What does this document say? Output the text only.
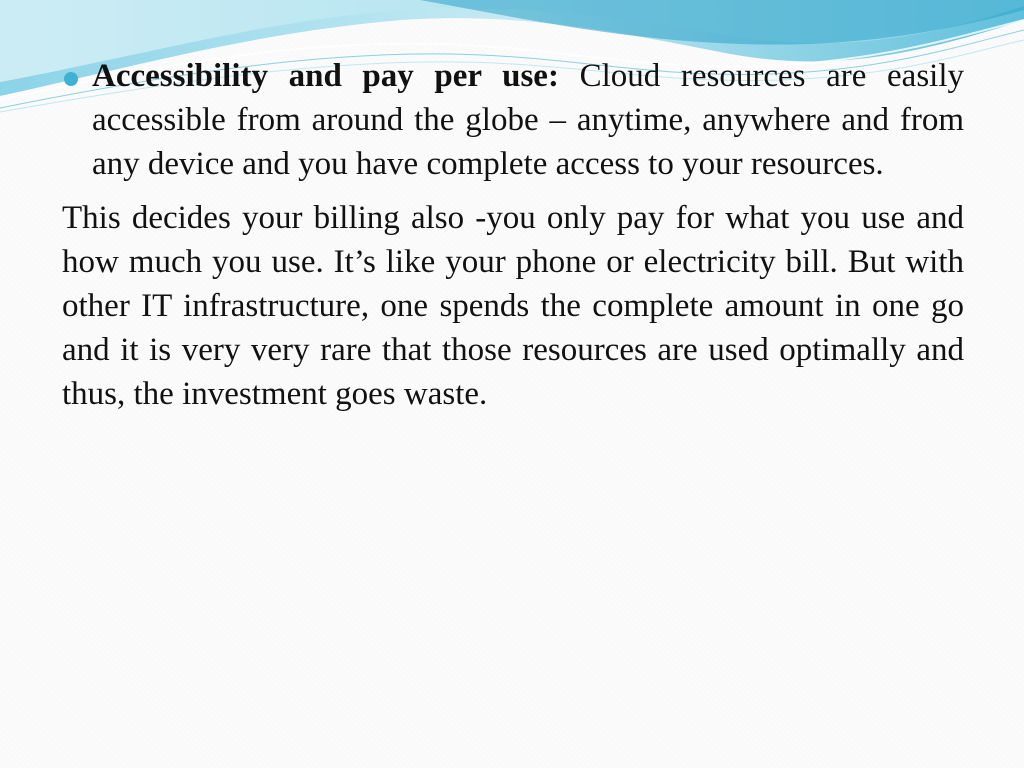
Accessibility and pay per use: Cloud resources are easily accessible from around the globe – anytime, anywhere and from any device and you have complete access to your resources.
This decides your billing also -you only pay for what you use and how much you use. It’s like your phone or electricity bill. But with other IT infrastructure, one spends the complete amount in one go and it is very very rare that those resources are used optimally and thus, the investment goes waste.
